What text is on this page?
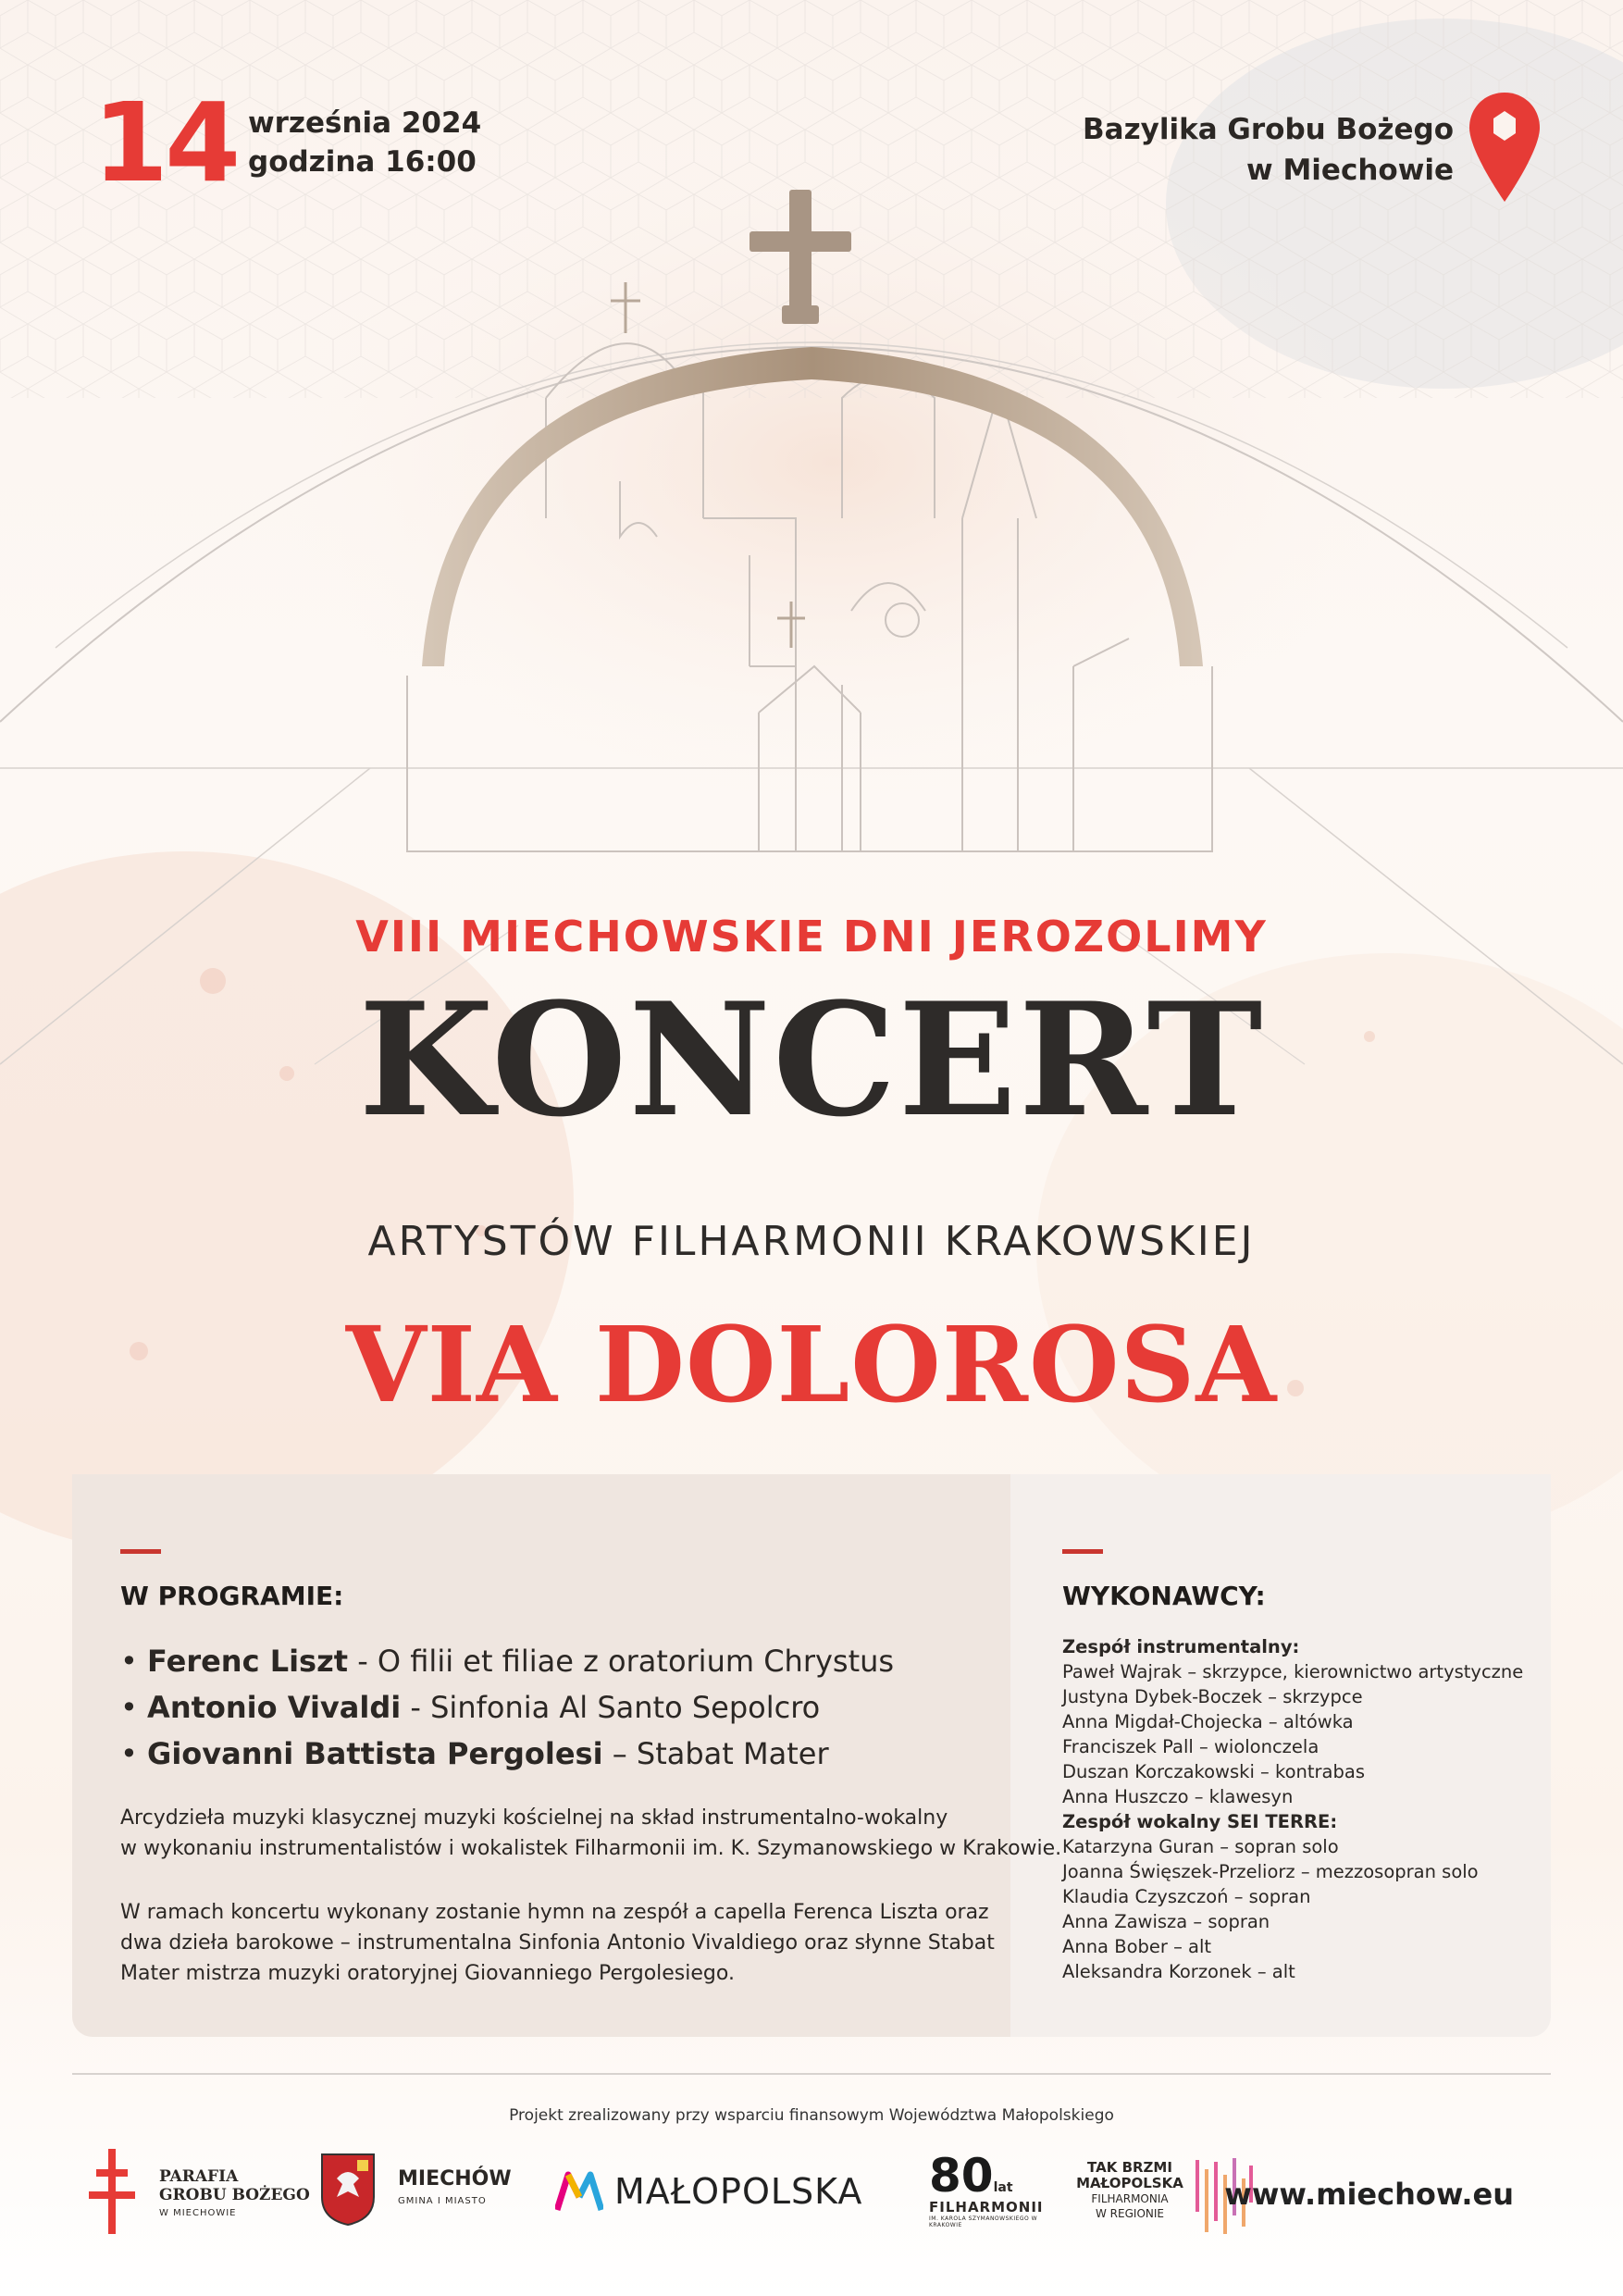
14 września 2024
godzina 16:00
Bazylika Grobu Bożego
w Miechowie
VIII MIECHOWSKIE DNI JEROZOLIMY
KONCERT
ARTYSTÓW FILHARMONII KRAKOWSKIEJ
VIA DOLOROSA
W PROGRAMIE:
• Ferenc Liszt - O filii et filiae z oratorium Chrystus
• Antonio Vivaldi - Sinfonia Al Santo Sepolcro
• Giovanni Battista Pergolesi – Stabat Mater
Arcydzieła muzyki klasycznej muzyki kościelnej na skład instrumentalno-wokalny
w wykonaniu instrumentalistów i wokalistek Filharmonii im. K. Szymanowskiego w Krakowie.
W ramach koncertu wykonany zostanie hymn na zespół a capella Ferenca Liszta oraz
dwa dzieła barokowe – instrumentalna Sinfonia Antonio Vivaldiego oraz słynne Stabat
Mater mistrza muzyki oratoryjnej Giovanniego Pergolesiego.
WYKONAWCY:
Zespół instrumentalny:
Paweł Wajrak – skrzypce, kierownictwo artystyczne
Justyna Dybek-Boczek – skrzypce
Anna Migdał-Chojecka – altówka
Franciszek Pall – wiolonczela
Duszan Korczakowski – kontrabas
Anna Huszczo – klawesyn
Zespół wokalny SEI TERRE:
Katarzyna Guran – sopran solo
Joanna Święszek-Przeliorz – mezzosopran solo
Klaudia Czyszczoń – sopran
Anna Zawisza – sopran
Anna Bober – alt
Aleksandra Korzonek – alt
Projekt zrealizowany przy wsparciu finansowym Województwa Małopolskiego
PARAFIA
GROBU BOŻEGO
W MIECHOWIE
MIECHÓW
GMINA I MIASTO	MAŁOPOLSKA 80lat
FILHARMONII
IM. KAROLA SZYMANOWSKIEGO W KRAKOWIE
TAK BRZMI
MAŁOPOLSKA
FILHARMONIA
W REGIONIE
www.miechow.eu
